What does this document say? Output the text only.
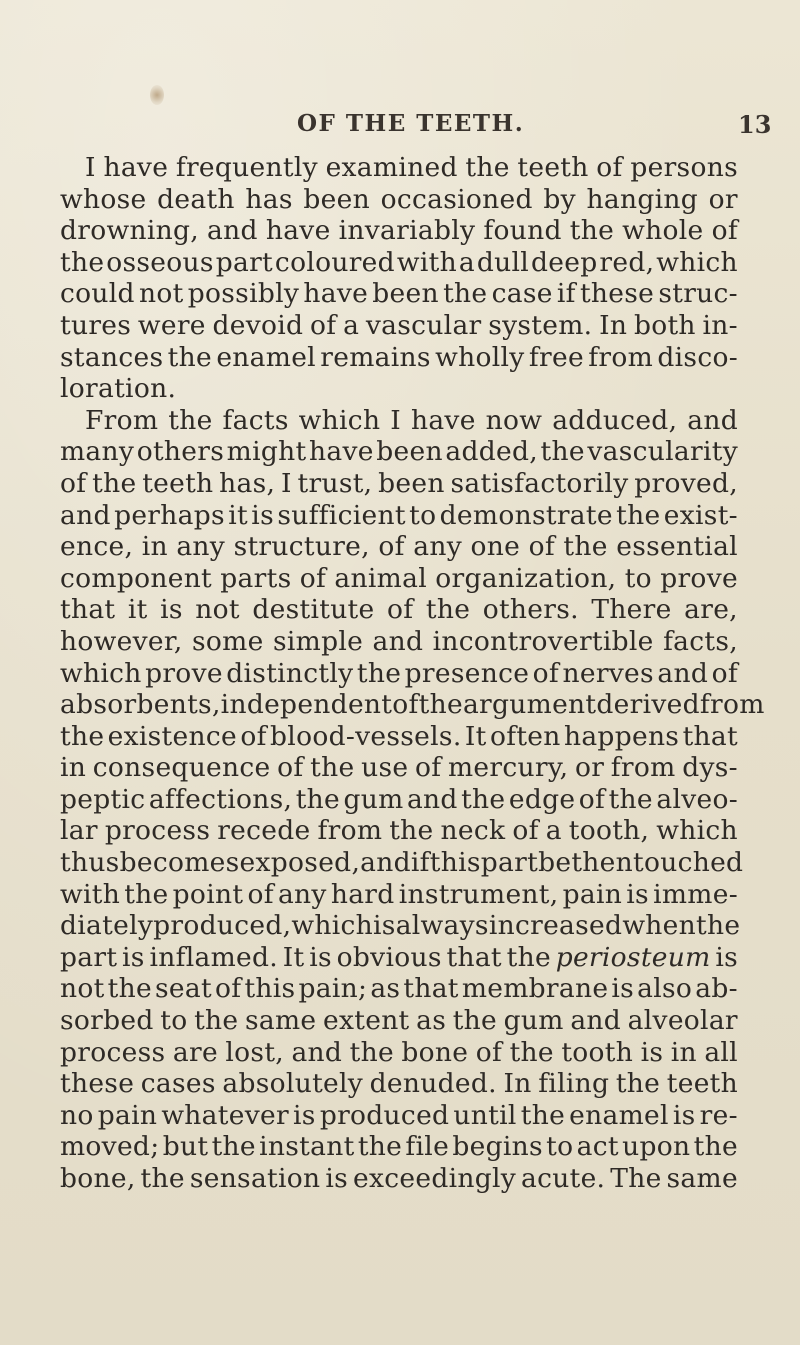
OF THE TEETH.	13
I have frequently examined the teeth of persons
whose death has been occasioned by hanging or
drowning, and have invariably found the whole of
the osseous part coloured with a dull deep red, which
could not possibly have been the case if these struc-
tures were devoid of a vascular system. In both in-
stances the enamel remains wholly free from disco-
loration.
From the facts which I have now adduced, and
many others might have been added, the vascularity
of the teeth has, I trust, been satisfactorily proved,
and perhaps it is sufficient to demonstrate the exist-
ence, in any structure, of any one of the essential
component parts of animal organization, to prove
that it is not destitute of the others. There are,
however, some simple and incontrovertible facts,
which prove distinctly the presence of nerves and of
absorbents, independent of the argument derived from
the existence of blood-vessels. It often happens that
in consequence of the use of mercury, or from dys-
peptic affections, the gum and the edge of the alveo-
lar process recede from the neck of a tooth, which
thus becomes exposed, and if this part be then touched
with the point of any hard instrument, pain is imme-
diately produced, which is always increased when the
part is inflamed. It is obvious that the periosteum is
not the seat of this pain; as that membrane is also ab-
sorbed to the same extent as the gum and alveolar
process are lost, and the bone of the tooth is in all
these cases absolutely denuded. In filing the teeth
no pain whatever is produced until the enamel is re-
moved; but the instant the file begins to act upon the
bone, the sensation is exceedingly acute. The same
